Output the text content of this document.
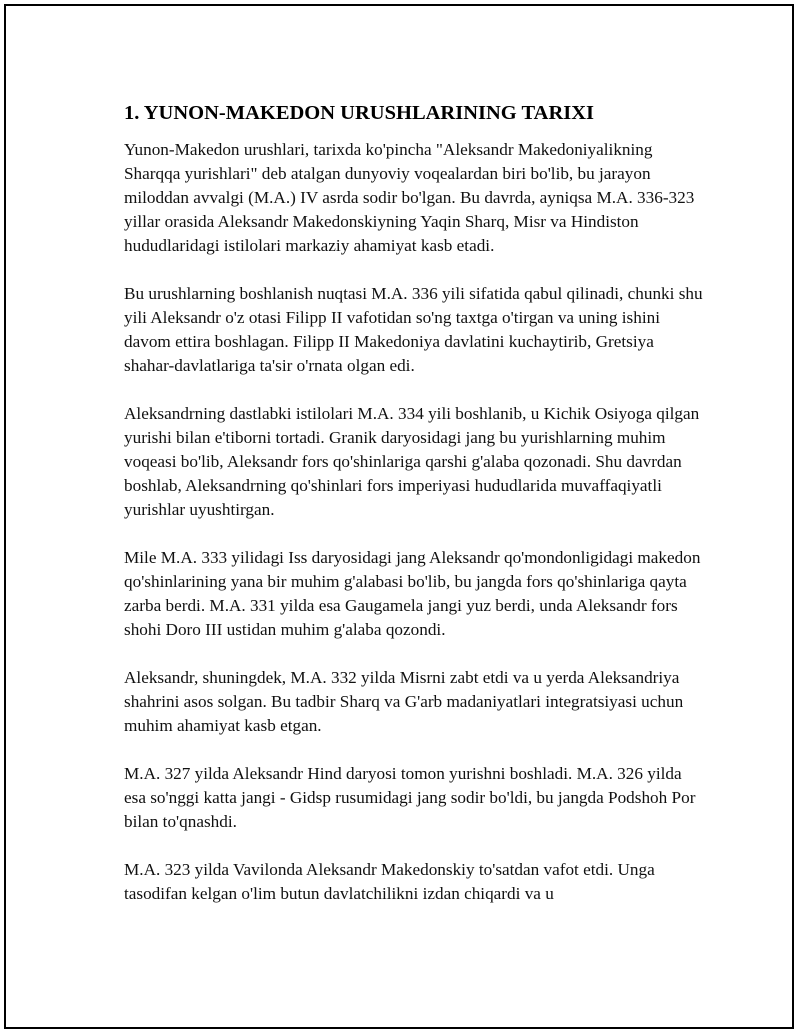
1. YUNON-MAKEDON URUSHLARINING TARIXI

Yunon-Makedon urushlari, tarixda ko'pincha "Aleksandr Makedoniyalikning Sharqqa yurishlari" deb atalgan dunyoviy voqealardan biri bo'lib, bu jarayon miloddan avvalgi (M.A.) IV asrda sodir bo'lgan. Bu davrda, ayniqsa M.A. 336-323 yillar orasida Aleksandr Makedonskiyning Yaqin Sharq, Misr va Hindiston hududlaridagi istilolari markaziy ahamiyat kasb etadi.

Bu urushlarning boshlanish nuqtasi M.A. 336 yili sifatida qabul qilinadi, chunki shu yili Aleksandr o'z otasi Filipp II vafotidan so'ng taxtga o'tirgan va uning ishini davom ettira boshlagan. Filipp II Makedoniya davlatini kuchaytirib, Gretsiya shahar-davlatlariga ta'sir o'rnata olgan edi.

Aleksandrning dastlabki istilolari M.A. 334 yili boshlanib, u Kichik Osiyoga qilgan yurishi bilan e'tiborni tortadi. Granik daryosidagi jang bu yurishlarning muhim voqeasi bo'lib, Aleksandr fors qo'shinlariga qarshi g'alaba qozonadi. Shu davrdan boshlab, Aleksandrning qo'shinlari fors imperiyasi hududlarida muvaffaqiyatli yurishlar uyushtirgan.

Mile M.A. 333 yilidagi Iss daryosidagi jang Aleksandr qo'mondonligidagi makedon qo'shinlarining yana bir muhim g'alabasi bo'lib, bu jangda fors qo'shinlariga qayta zarba berdi. M.A. 331 yilda esa Gaugamela jangi yuz berdi, unda Aleksandr fors shohi Doro III ustidan muhim g'alaba qozondi.

Aleksandr, shuningdek, M.A. 332 yilda Misrni zabt etdi va u yerda Aleksandriya shahrini asos solgan. Bu tadbir Sharq va G'arb madaniyatlari integratsiyasi uchun muhim ahamiyat kasb etgan.

M.A. 327 yilda Aleksandr Hind daryosi tomon yurishni boshladi. M.A. 326 yilda esa so'nggi katta jangi - Gidsp rusumidagi jang sodir bo'ldi, bu jangda Podshoh Por bilan to'qnashdi.

M.A. 323 yilda Vavilonda Aleksandr Makedonskiy to'satdan vafot etdi. Unga tasodifan kelgan o'lim butun davlatchilikni izdan chiqardi va u
